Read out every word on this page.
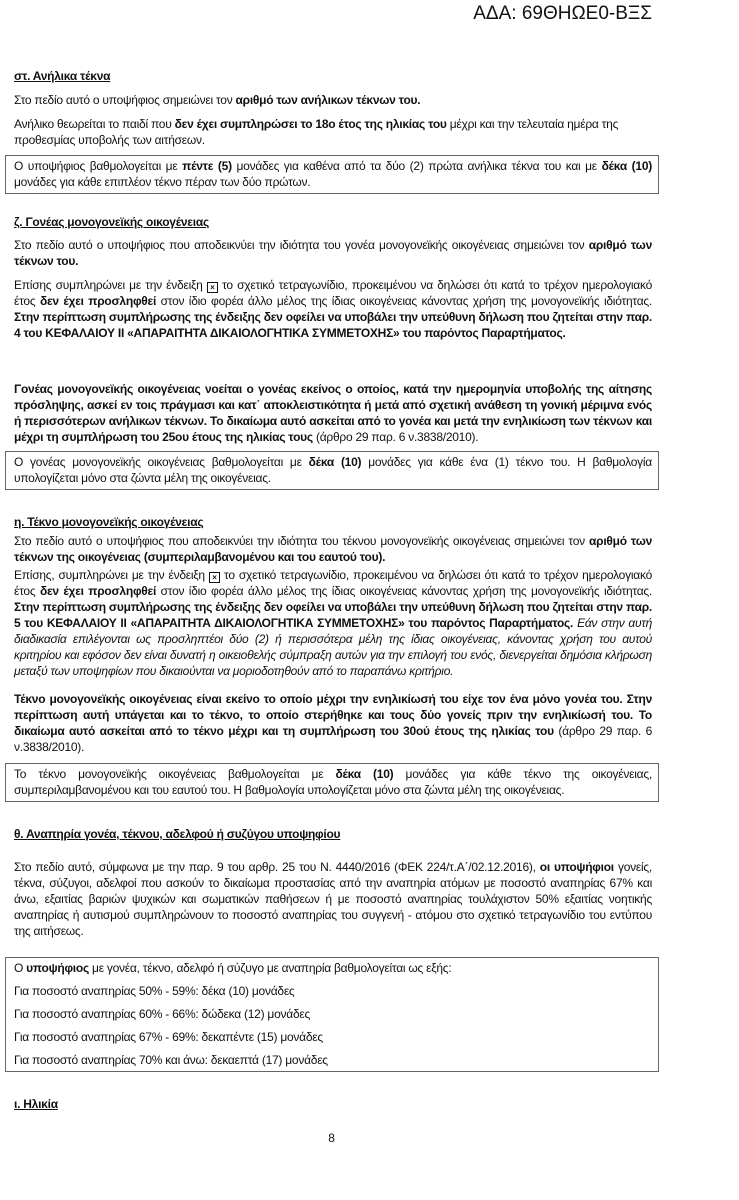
ΑΔΑ: 69ΘΗΩΕ0-ΒΞΣ
στ. Ανήλικα τέκνα
Στο πεδίο αυτό ο υποψήφιος σημειώνει τον αριθμό των ανήλικων τέκνων του.
Ανήλικο θεωρείται το παιδί που δεν έχει συμπληρώσει το 18ο έτος της ηλικίας του μέχρι και την τελευταία ημέρα της προθεσμίας υποβολής των αιτήσεων.
Ο υποψήφιος βαθμολογείται με πέντε (5) μονάδες για καθένα από τα δύο (2) πρώτα ανήλικα τέκνα του και με δέκα (10) μονάδες για κάθε επιπλέον τέκνο πέραν των δύο πρώτων.
ζ. Γονέας μονογονεϊκής οικογένειας
Στο πεδίο αυτό ο υποψήφιος που αποδεικνύει την ιδιότητα του γονέα μονογονεϊκής οικογένειας σημειώνει τον αριθμό των τέκνων του.
Επίσης συμπληρώνει με την ένδειξη × το σχετικό τετραγωνίδιο, προκειμένου να δηλώσει ότι κατά το τρέχον ημερολογιακό έτος δεν έχει προσληφθεί στον ίδιο φορέα άλλο μέλος της ίδιας οικογένειας κάνοντας χρήση της μονογονεϊκής ιδιότητας. Στην περίπτωση συμπλήρωσης της ένδειξης δεν οφείλει να υποβάλει την υπεύθυνη δήλωση που ζητείται στην παρ. 4 του ΚΕΦΑΛΑΙΟΥ ΙΙ «ΑΠΑΡΑΙΤΗΤΑ ΔΙΚΑΙΟΛΟΓΗΤΙΚΑ ΣΥΜΜΕΤΟΧΗΣ» του παρόντος Παραρτήματος.
Γονέας μονογονεϊκής οικογένειας νοείται ο γονέας εκείνος ο οποίος, κατά την ημερομηνία υποβολής της αίτησης πρόσληψης, ασκεί εν τοις πράγμασι και κατ΄ αποκλειστικότητα ή μετά από σχετική ανάθεση τη γονική μέριμνα ενός ή περισσότερων ανήλικων τέκνων. Το δικαίωμα αυτό ασκείται από το γονέα και μετά την ενηλικίωση των τέκνων και μέχρι τη συμπλήρωση του 25ου έτους της ηλικίας τους (άρθρο 29 παρ. 6 ν.3838/2010).
Ο γονέας μονογονεϊκής οικογένειας βαθμολογείται με δέκα (10) μονάδες για κάθε ένα (1) τέκνο του. Η βαθμολογία υπολογίζεται μόνο στα ζώντα μέλη της οικογένειας.
η. Τέκνο μονογονεϊκής οικογένειας
Στο πεδίο αυτό ο υποψήφιος που αποδεικνύει την ιδιότητα του τέκνου μονογονεϊκής οικογένειας σημειώνει τον αριθμό των τέκνων της οικογένειας (συμπεριλαμβανομένου και του εαυτού του).
Επίσης, συμπληρώνει με την ένδειξη × το σχετικό τετραγωνίδιο, προκειμένου να δηλώσει ότι κατά το τρέχον ημερολογιακό έτος δεν έχει προσληφθεί στον ίδιο φορέα άλλο μέλος της ίδιας οικογένειας κάνοντας χρήση της μονογονεϊκής ιδιότητας. Στην περίπτωση συμπλήρωσης της ένδειξης δεν οφείλει να υποβάλει την υπεύθυνη δήλωση που ζητείται στην παρ. 5 του ΚΕΦΑΛΑΙΟΥ ΙΙ «ΑΠΑΡΑΙΤΗΤΑ ΔΙΚΑΙΟΛΟΓΗΤΙΚΑ ΣΥΜΜΕΤΟΧΗΣ» του παρόντος Παραρτήματος. Εάν στην αυτή διαδικασία επιλέγονται ως προσληπτέοι δύο (2) ή περισσότερα μέλη της ίδιας οικογένειας, κάνοντας χρήση του αυτού κριτηρίου και εφόσον δεν είναι δυνατή η οικειοθελής σύμπραξη αυτών για την επιλογή του ενός, διενεργείται δημόσια κλήρωση μεταξύ των υποψηφίων που δικαιούνται να μοριοδοτηθούν από το παραπάνω κριτήριο.
Τέκνο μονογονεϊκής οικογένειας είναι εκείνο το οποίο μέχρι την ενηλικίωσή του είχε τον ένα μόνο γονέα του. Στην περίπτωση αυτή υπάγεται και το τέκνο, το οποίο στερήθηκε και τους δύο γονείς πριν την ενηλικίωσή του. Το δικαίωμα αυτό ασκείται από το τέκνο μέχρι και τη συμπλήρωση του 30ού έτους της ηλικίας του (άρθρο 29 παρ. 6 ν.3838/2010).
Το τέκνο μονογονεϊκής οικογένειας βαθμολογείται με δέκα (10) μονάδες για κάθε τέκνο της οικογένειας, συμπεριλαμβανομένου και του εαυτού του. Η βαθμολογία υπολογίζεται μόνο στα ζώντα μέλη της οικογένειας.
θ. Αναπηρία γονέα, τέκνου, αδελφού ή συζύγου υποψηφίου
Στο πεδίο αυτό, σύμφωνα με την παρ. 9 του αρθρ. 25 του Ν. 4440/2016 (ΦΕΚ 224/τ.Α΄/02.12.2016), οι υποψήφιοι γονείς, τέκνα, σύζυγοι, αδελφοί που ασκούν το δικαίωμα προστασίας από την αναπηρία ατόμων με ποσοστό αναπηρίας 67% και άνω, εξαιτίας βαριών ψυχικών και σωματικών παθήσεων ή με ποσοστό αναπηρίας τουλάχιστον 50% εξαιτίας νοητικής αναπηρίας ή αυτισμού συμπληρώνουν το ποσοστό αναπηρίας του συγγενή - ατόμου στο σχετικό τετραγωνίδιο του εντύπου της αιτήσεως.
Ο υποψήφιος με γονέα, τέκνο, αδελφό ή σύζυγο με αναπηρία βαθμολογείται ως εξής:
Για ποσοστό αναπηρίας 50% - 59%: δέκα (10) μονάδες
Για ποσοστό αναπηρίας 60% - 66%: δώδεκα (12) μονάδες
Για ποσοστό αναπηρίας 67% - 69%: δεκαπέντε (15) μονάδες
Για ποσοστό αναπηρίας 70% και άνω: δεκαεπτά (17) μονάδες
ι. Ηλικία
8
